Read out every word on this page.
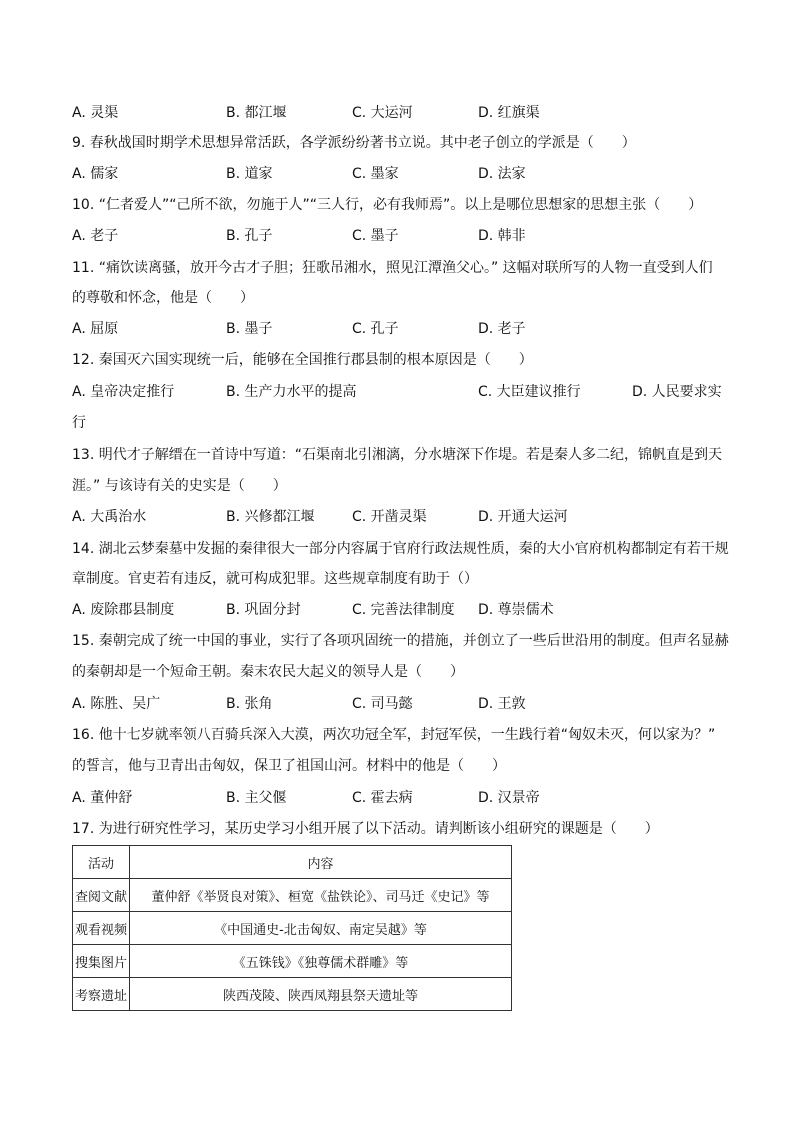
A. 灵渠	B. 都江堰	C. 大运河	D. 红旗渠
9. 春秋战国时期学术思想异常活跃，各学派纷纷著书立说。其中老子创立的学派是（　　）
A. 儒家	B. 道家	C. 墨家	D. 法家
10. “仁者爱人”“己所不欲，勿施于人”“三人行，必有我师焉”。以上是哪位思想家的思想主张（　　）
A. 老子	B. 孔子	C. 墨子	D. 韩非
11. “痛饮读离骚，放开今古才子胆；狂歌吊湘水，照见江潭渔父心。” 这幅对联所写的人物一直受到人们
的尊敬和怀念，他是（　　）
A. 屈原	B. 墨子	C. 孔子	D. 老子
12. 秦国灭六国实现统一后，能够在全国推行郡县制的根本原因是（　　）
A. 皇帝决定推行	B. 生产力水平的提高	C. 大臣建议推行	D. 人民要求实
行
13. 明代才子解缙在一首诗中写道：“石渠南北引湘漓，分水塘深下作堤。若是秦人多二纪，锦帆直是到天
涯。” 与该诗有关的史实是（　　）
A. 大禹治水	B. 兴修都江堰	C. 开凿灵渠	D. 开通大运河
14. 湖北云梦秦墓中发掘的秦律很大一部分内容属于官府行政法规性质，秦的大小官府机构都制定有若干规
章制度。官吏若有违反，就可构成犯罪。这些规章制度有助于（）
A. 废除郡县制度	B. 巩固分封	C. 完善法律制度 D. 尊崇儒术
15. 秦朝完成了统一中国的事业，实行了各项巩固统一的措施，并创立了一些后世沿用的制度。但声名显赫
的秦朝却是一个短命王朝。秦末农民大起义的领导人是（　　）
A. 陈胜、吴广	B. 张角	C. 司马懿	D. 王敦
16. 他十七岁就率领八百骑兵深入大漠，两次功冠全军，封冠军侯，一生践行着“匈奴未灭，何以家为？”
的誓言，他与卫青出击匈奴，保卫了祖国山河。材料中的他是（　　）
A. 董仲舒	B. 主父偃	C. 霍去病	D. 汉景帝
17. 为进行研究性学习，某历史学习小组开展了以下活动。请判断该小组研究的课题是（　　）
活动	内容
查阅文献	董仲舒《举贤良对策》、桓宽《盐铁论》、司马迁《史记》等
观看视频	《中国通史-北击匈奴、南定吴越》等
搜集图片	《五铢钱》《独尊儒术群雕》等
考察遗址	陕西茂陵、陕西凤翔县祭天遗址等
